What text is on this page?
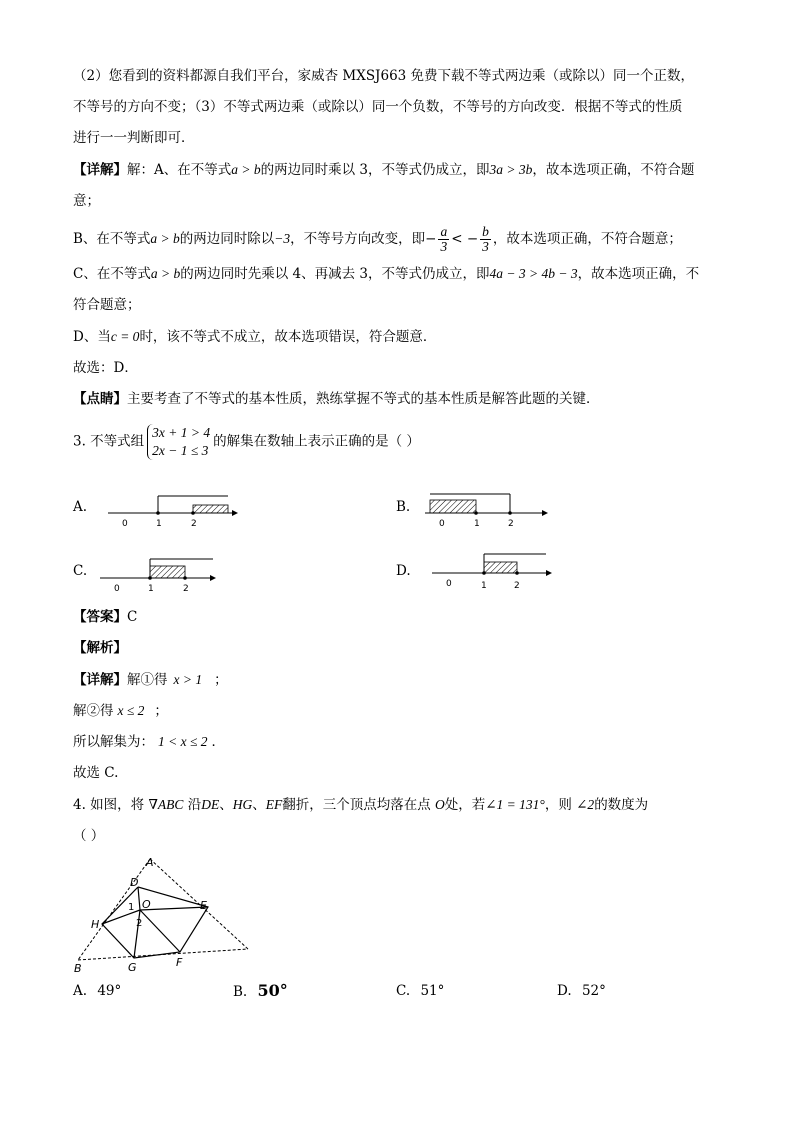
（2）您看到的资料都源自我们平台，家威杏 MXSJ663 免费下载不等式两边乘（或除以）同一个正数，
不等号的方向不变；（3）不等式两边乘（或除以）同一个负数，不等号的方向改变．根据不等式的性质
进行一一判断即可．
【详解】解：A、在不等式a > b的两边同时乘以 3，不等式仍成立，即3a > 3b，故本选项正确，不符合题
意；
B、在不等式a > b的两边同时除以−3，不等号方向改变，即− $\frac{a}{3}$ < − $\frac{b}{3}$ ，故本选项正确，不符合题意；
C、在不等式a > b的两边同时先乘以 4、再减去 3，不等式仍成立，即4a − 3 > 4b − 3，故本选项正确，不
符合题意；
D、当c = 0时，该不等式不成立，故本选项错误，符合题意．
故选：D．
【点睛】主要考查了不等式的基本性质，熟练掌握不等式的基本性质是解答此题的关键．
3. 不等式组
3x + 1 > 4
2x − 1 ≤ 3
的解集在数轴上表示正确的是（ ）
A.
0	1	2
B.
0	1	2
C.
0	1	2
D.
0	1	2
【答案】C
【解析】
【详解】解①得 x > 1 ；
解②得 x ≤ 2 ；
所以解集为： 1 < x ≤ 2 ．
故选 C.
4. 如图，将 ∇ABC 沿DE、HG、EF翻折，三个顶点均落在点 O处，若∠1 = 131°，则 ∠2的数度为
（ ）
A
D
E
O
1
2
H
B	G	F
A. 49°	B. 50°	C. 51°	D. 52°
